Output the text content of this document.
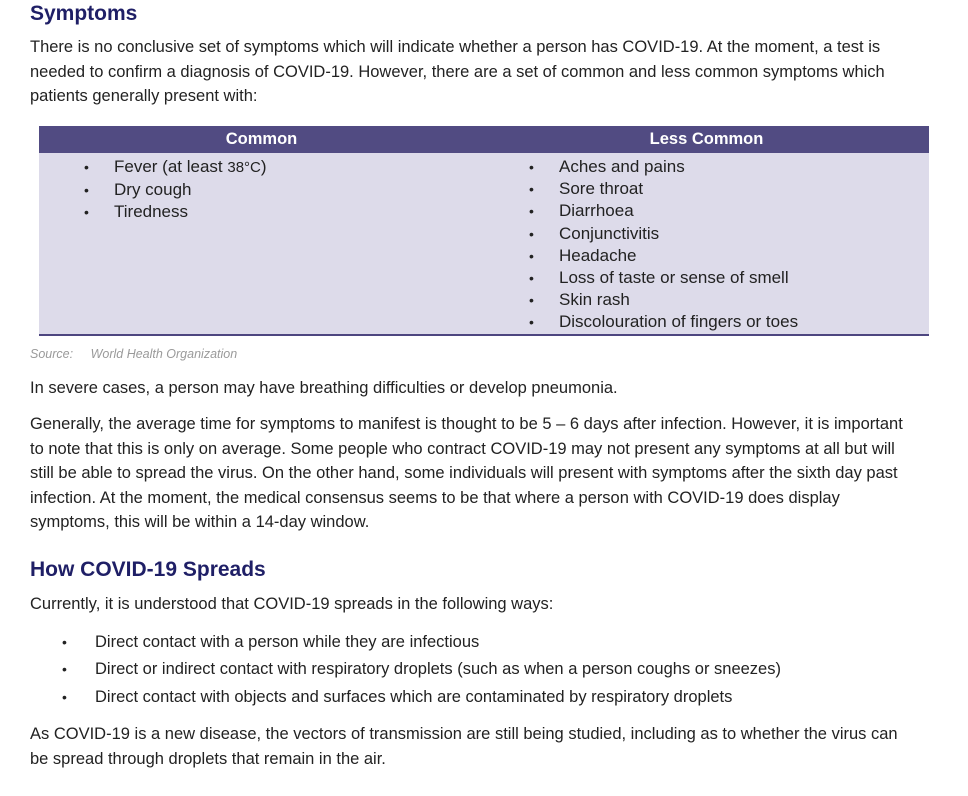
Symptoms

There is no conclusive set of symptoms which will indicate whether a person has COVID-19. At the moment, a test is needed to confirm a diagnosis of COVID-19. However, there are a set of common and less common symptoms which patients generally present with:

Common	Less Common
• Fever (at least 38°C)
• Dry cough
• Tiredness
• Aches and pains
• Sore throat
• Diarrhoea
• Conjunctivitis
• Headache
• Loss of taste or sense of smell
• Skin rash
• Discolouration of fingers or toes
Source: World Health Organization

In severe cases, a person may have breathing difficulties or develop pneumonia.

Generally, the average time for symptoms to manifest is thought to be 5 – 6 days after infection. However, it is important to note that this is only on average. Some people who contract COVID-19 may not present any symptoms at all but will still be able to spread the virus. On the other hand, some individuals will present with symptoms after the sixth day past infection. At the moment, the medical consensus seems to be that where a person with COVID-19 does display symptoms, this will be within a 14-day window.

How COVID-19 Spreads

Currently, it is understood that COVID-19 spreads in the following ways:

• Direct contact with a person while they are infectious
• Direct or indirect contact with respiratory droplets (such as when a person coughs or sneezes)
• Direct contact with objects and surfaces which are contaminated by respiratory droplets

As COVID-19 is a new disease, the vectors of transmission are still being studied, including as to whether the virus can be spread through droplets that remain in the air.
